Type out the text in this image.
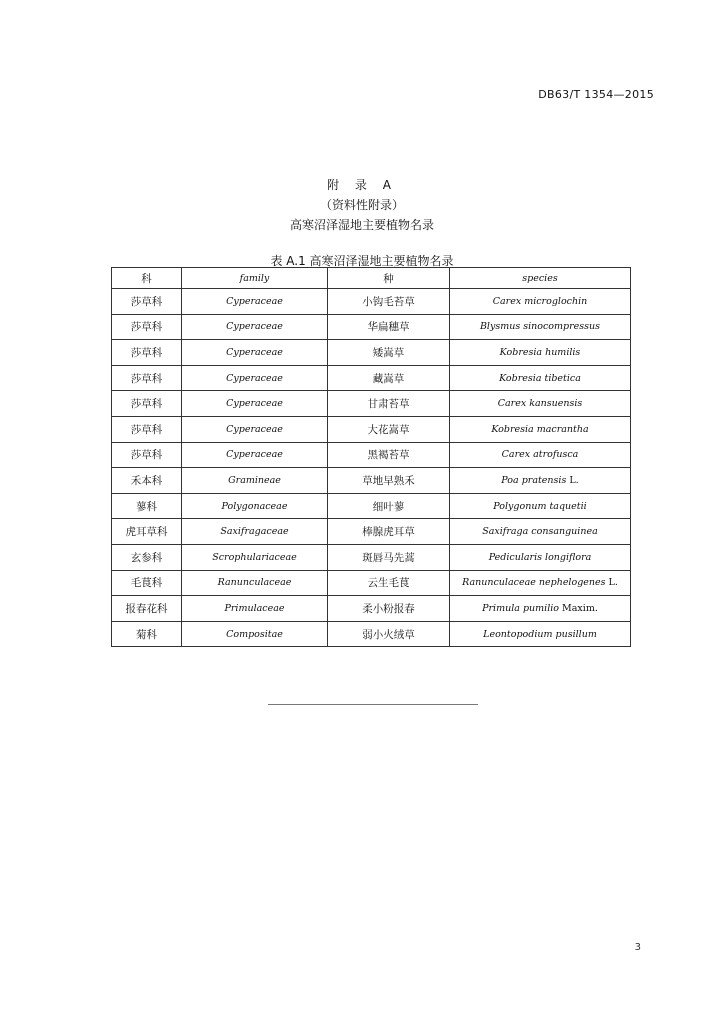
DB63/T 1354—2015
附 录 A
（资料性附录）
高寒沼泽湿地主要植物名录
表 A.1 高寒沼泽湿地主要植物名录
科	family	种	species
莎草科	Cyperaceae	小钩毛苔草	Carex microglochin
莎草科	Cyperaceae	华扁穗草	Blysmus sinocompressus
莎草科	Cyperaceae	矮嵩草	Kobresia humilis
莎草科	Cyperaceae	藏嵩草	Kobresia tibetica
莎草科	Cyperaceae	甘肃苔草	Carex kansuensis
莎草科	Cyperaceae	大花嵩草	Kobresia macrantha
莎草科	Cyperaceae	黑褐苔草	Carex atrofusca
禾本科	Gramineae	草地早熟禾	Poa pratensis L.
蓼科	Polygonaceae	细叶蓼	Polygonum taquetii
虎耳草科	Saxifragaceae	棒腺虎耳草	Saxifraga consanguinea
玄参科	Scrophulariaceae	斑唇马先蒿	Pedicularis longiflora
毛茛科	Ranunculaceae	云生毛茛	Ranunculaceae nephelogenes L.
报春花科	Primulaceae	柔小粉报春	Primula pumilio Maxim.
菊科	Compositae	弱小火绒草	Leontopodium pusillum
3
